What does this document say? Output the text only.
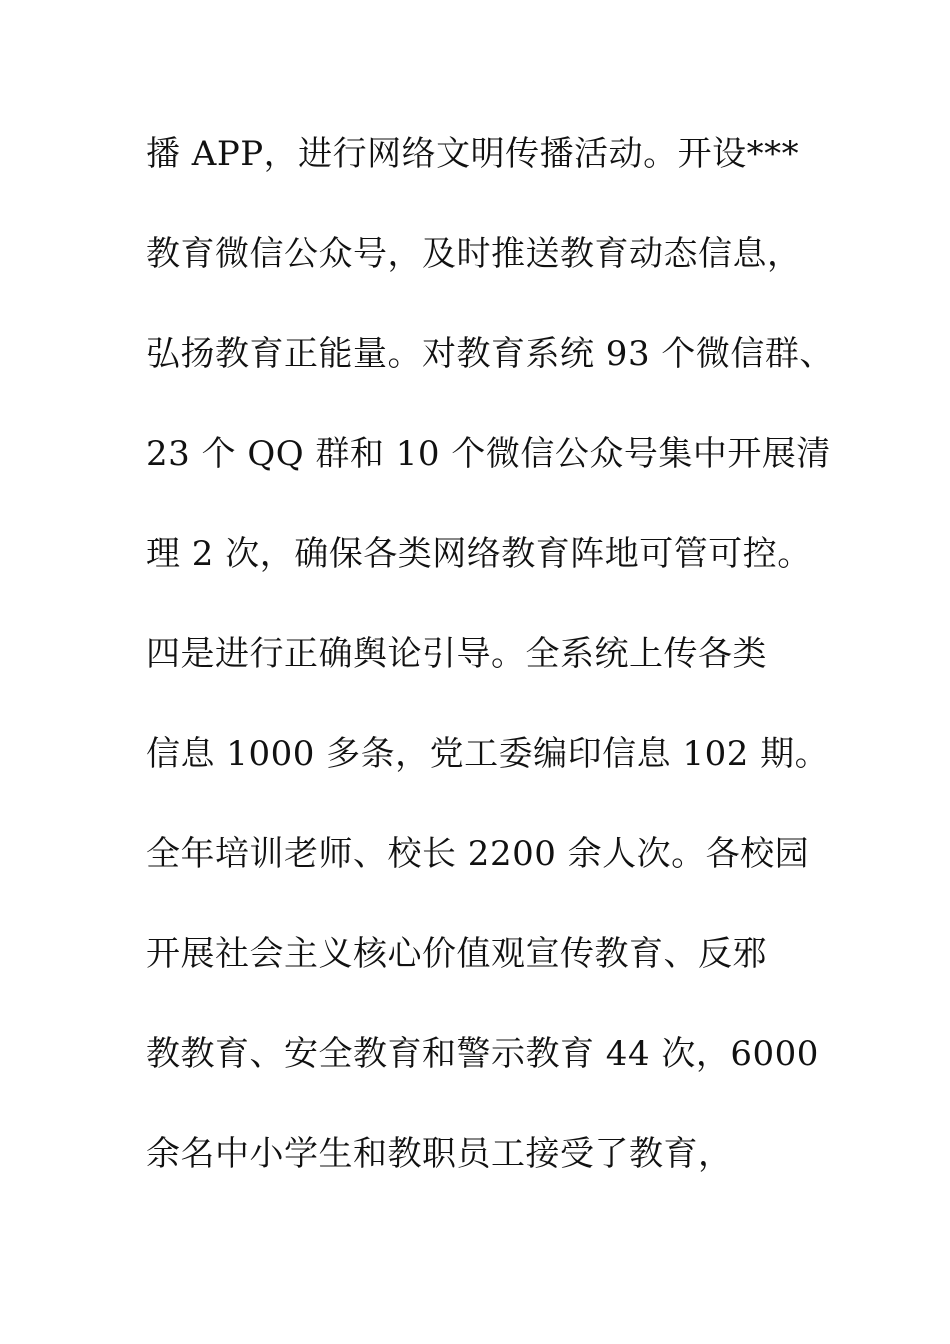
播 APP，进行网络文明传播活动。开设***
教育微信公众号，及时推送教育动态信息，
弘扬教育正能量。对教育系统 93 个微信群、
23 个 QQ 群和 10 个微信公众号集中开展清
理 2 次，确保各类网络教育阵地可管可控。
四是进行正确舆论引导。全系统上传各类
信息 1000 多条，党工委编印信息 102 期。
全年培训老师、校长 2200 余人次。各校园
开展社会主义核心价值观宣传教育、反邪
教教育、安全教育和警示教育 44 次，6000
余名中小学生和教职员工接受了教育，
